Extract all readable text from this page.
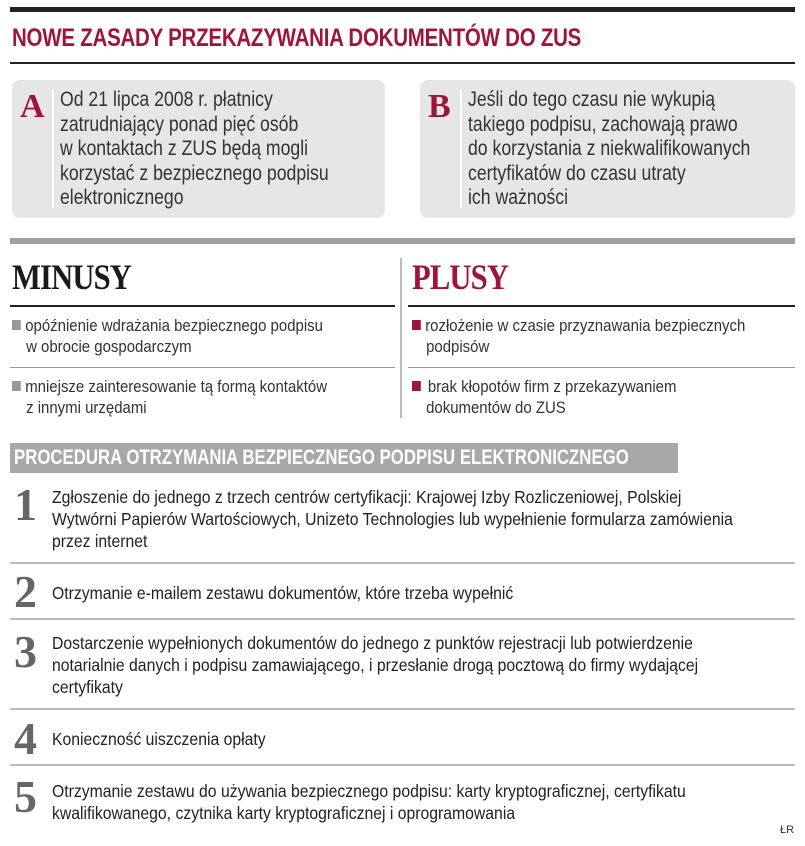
NOWE ZASADY PRZEKAZYWANIA DOKUMENTÓW DO ZUS
A Od 21 lipca 2008 r. płatnicy
zatrudniający ponad pięć osób
w kontaktach z ZUS będą mogli
korzystać z bezpiecznego podpisu
elektronicznego
B Jeśli do tego czasu nie wykupią
takiego podpisu, zachowają prawo
do korzystania z niekwalifikowanych
certyfikatów do czasu utraty
ich ważności
MINUSY
opóźnienie wdrażania bezpiecznego podpisu
w obrocie gospodarczym
mniejsze zainteresowanie tą formą kontaktów
z innymi urzędami
PLUSY
rozłożenie w czasie przyznawania bezpiecznych
podpisów
brak kłopotów firm z przekazywaniem
dokumentów do ZUS
PROCEDURA OTRZYMANIA BEZPIECZNEGO PODPISU ELEKTRONICZNEGO
1 Zgłoszenie do jednego z trzech centrów certyfikacji: Krajowej Izby Rozliczeniowej, Polskiej
Wytwórni Papierów Wartościowych, Unizeto Technologies lub wypełnienie formularza zamówienia
przez internet
2 Otrzymanie e-mailem zestawu dokumentów, które trzeba wypełnić
3 Dostarczenie wypełnionych dokumentów do jednego z punktów rejestracji lub potwierdzenie
notarialnie danych i podpisu zamawiającego, i przesłanie drogą pocztową do firmy wydającej
certyfikaty
4 Konieczność uiszczenia opłaty
5 Otrzymanie zestawu do używania bezpiecznego podpisu: karty kryptograficznej, certyfikatu
kwalifikowanego, czytnika karty kryptograficznej i oprogramowania
ŁR
